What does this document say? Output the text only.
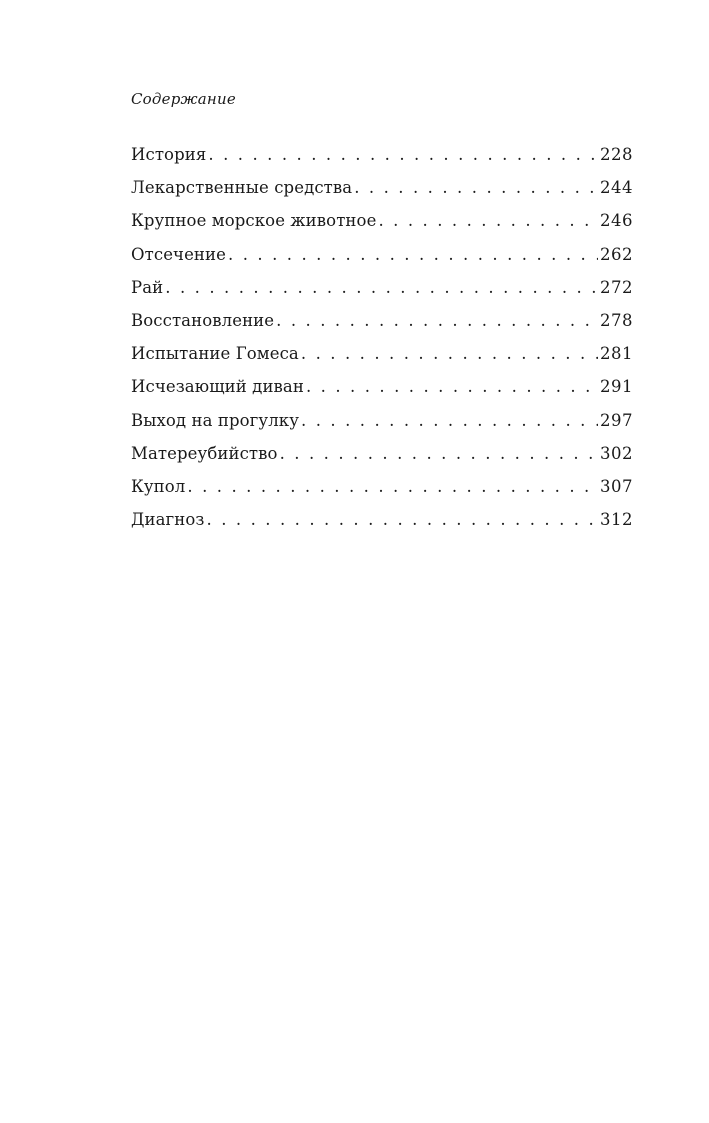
Содержание
История . . .	228
Лекарственные средства . . .	244
Крупное морское животное . . .	246
Отсечение . . .	262
Рай . . .	272
Восстановление . . .	278
Испытание Гомеса . . .	281
Исчезающий диван . . .	291
Выход на прогулку . . .	297
Матереубийство . . .	302
Купол . . .	307
Диагноз . . .	312
